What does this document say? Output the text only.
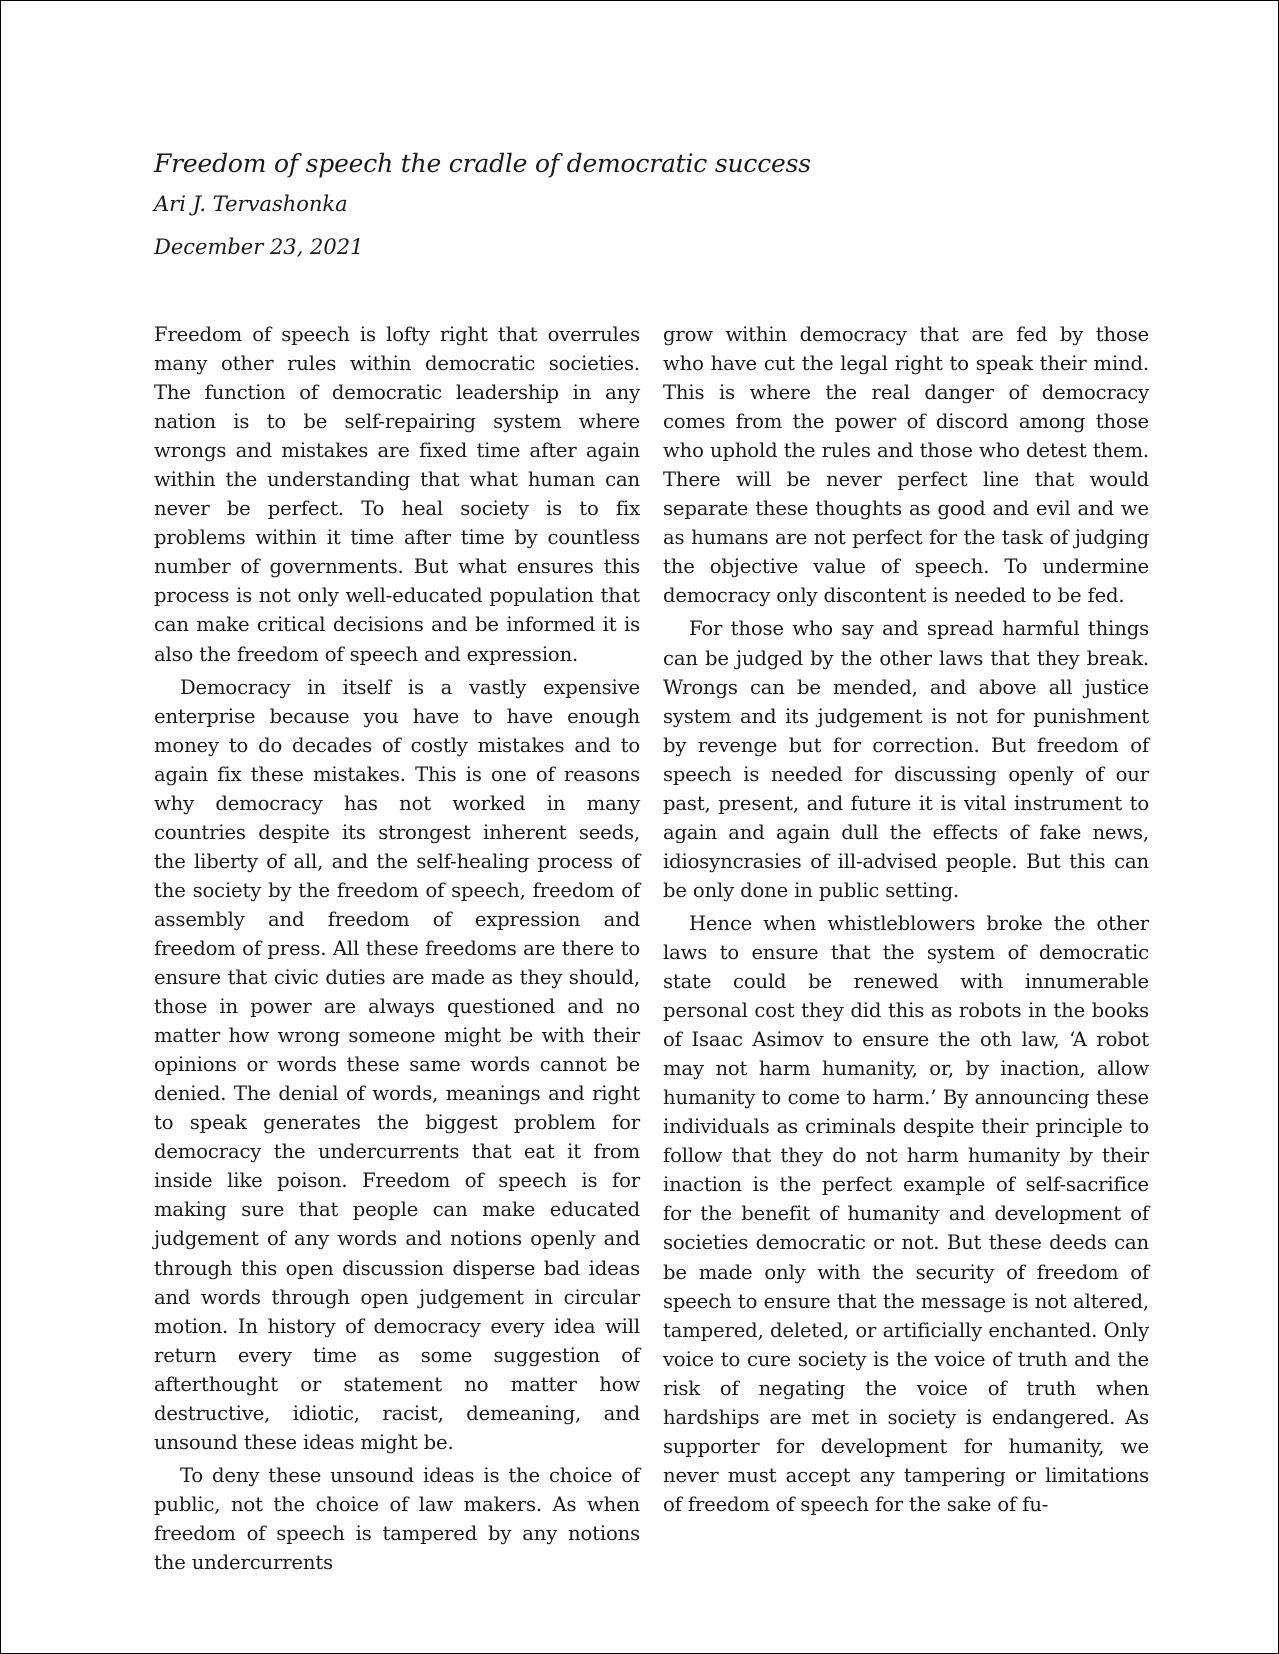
Freedom of speech the cradle of democratic success
Ari J. Tervashonka
December 23, 2021

Freedom of speech is lofty right that overrules many other rules within democratic societies. The function of democratic leadership in any nation is to be self-repairing system where wrongs and mistakes are fixed time after again within the understanding that what human can never be perfect. To heal society is to fix problems within it time after time by countless number of governments. But what ensures this process is not only well-educated population that can make critical decisions and be informed it is also the freedom of speech and expression.

Democracy in itself is a vastly expensive enterprise because you have to have enough money to do decades of costly mistakes and to again fix these mistakes. This is one of reasons why democracy has not worked in many countries despite its strongest inherent seeds, the liberty of all, and the self-healing process of the society by the freedom of speech, freedom of assembly and freedom of expression and freedom of press. All these freedoms are there to ensure that civic duties are made as they should, those in power are always questioned and no matter how wrong someone might be with their opinions or words these same words cannot be denied. The denial of words, meanings and right to speak generates the biggest problem for democracy the undercurrents that eat it from inside like poison. Freedom of speech is for making sure that people can make educated judgement of any words and notions openly and through this open discussion disperse bad ideas and words through open judgement in circular motion. In history of democracy every idea will return every time as some suggestion of afterthought or statement no matter how destructive, idiotic, racist, demeaning, and unsound these ideas might be.

To deny these unsound ideas is the choice of public, not the choice of law makers. As when freedom of speech is tampered by any notions the undercurrents

grow within democracy that are fed by those who have cut the legal right to speak their mind. This is where the real danger of democracy comes from the power of discord among those who uphold the rules and those who detest them. There will be never perfect line that would separate these thoughts as good and evil and we as humans are not perfect for the task of judging the objective value of speech. To undermine democracy only discontent is needed to be fed.

For those who say and spread harmful things can be judged by the other laws that they break. Wrongs can be mended, and above all justice system and its judgement is not for punishment by revenge but for correction. But freedom of speech is needed for discussing openly of our past, present, and future it is vital instrument to again and again dull the effects of fake news, idiosyncrasies of ill-advised people. But this can be only done in public setting.

Hence when whistleblowers broke the other laws to ensure that the system of democratic state could be renewed with innumerable personal cost they did this as robots in the books of Isaac Asimov to ensure the oth law, ‘A robot may not harm humanity, or, by inaction, allow humanity to come to harm.’ By announcing these individuals as criminals despite their principle to follow that they do not harm humanity by their inaction is the perfect example of self-sacrifice for the benefit of humanity and development of societies democratic or not. But these deeds can be made only with the security of freedom of speech to ensure that the message is not altered, tampered, deleted, or artificially enchanted. Only voice to cure society is the voice of truth and the risk of negating the voice of truth when hardships are met in society is endangered. As supporter for development for humanity, we never must accept any tampering or limitations of freedom of speech for the sake of fu-
